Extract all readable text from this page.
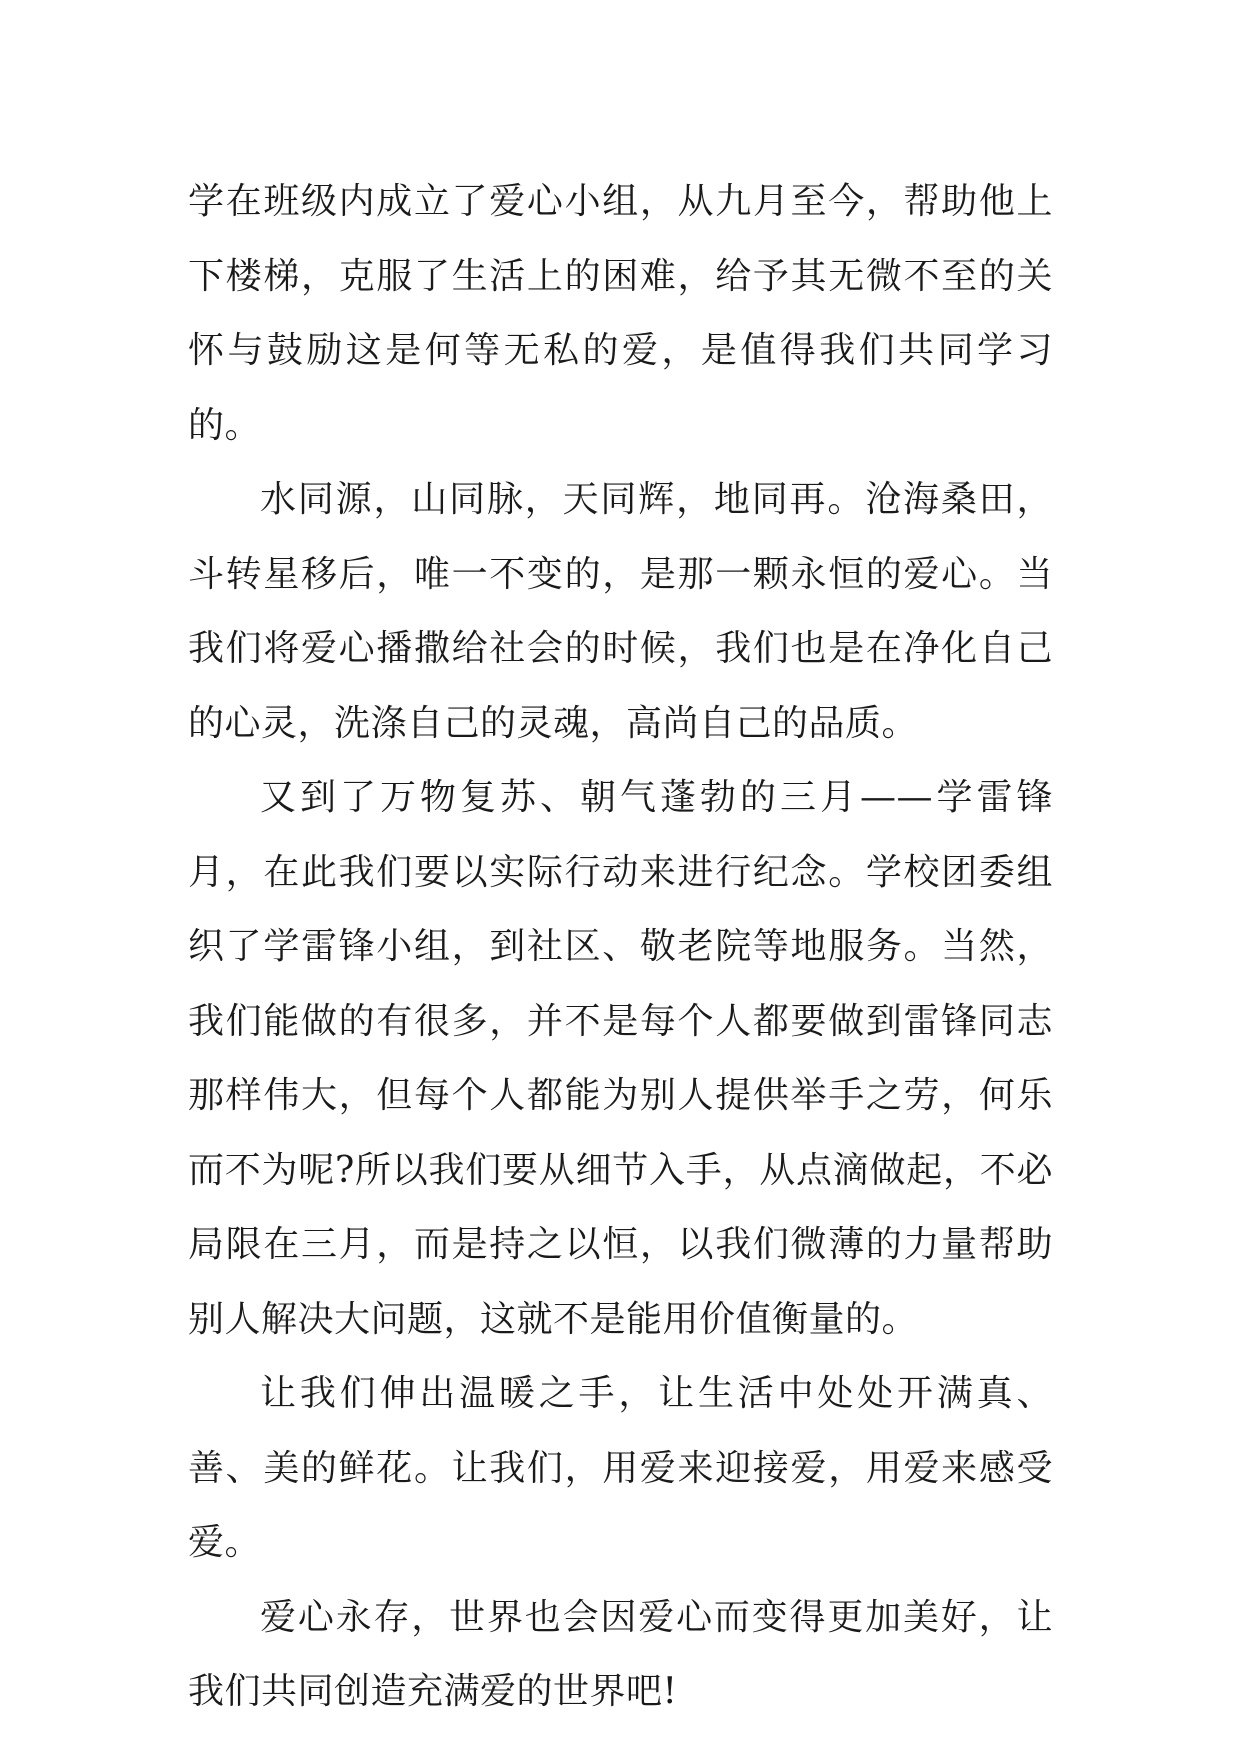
学在班级内成立了爱心小组，从九月至今，帮助他上下楼梯，克服了生活上的困难，给予其无微不至的关怀与鼓励这是何等无私的爱，是值得我们共同学习的。

水同源，山同脉，天同辉，地同再。沧海桑田，斗转星移后，唯一不变的，是那一颗永恒的爱心。当我们将爱心播撒给社会的时候，我们也是在净化自己的心灵，洗涤自己的灵魂，高尚自己的品质。

又到了万物复苏、朝气蓬勃的三月——学雷锋月，在此我们要以实际行动来进行纪念。学校团委组织了学雷锋小组，到社区、敬老院等地服务。当然，我们能做的有很多，并不是每个人都要做到雷锋同志那样伟大，但每个人都能为别人提供举手之劳，何乐而不为呢?所以我们要从细节入手，从点滴做起，不必局限在三月，而是持之以恒，以我们微薄的力量帮助别人解决大问题，这就不是能用价值衡量的。

让我们伸出温暖之手，让生活中处处开满真、善、美的鲜花。让我们，用爱来迎接爱，用爱来感受爱。

爱心永存，世界也会因爱心而变得更加美好，让我们共同创造充满爱的世界吧!
